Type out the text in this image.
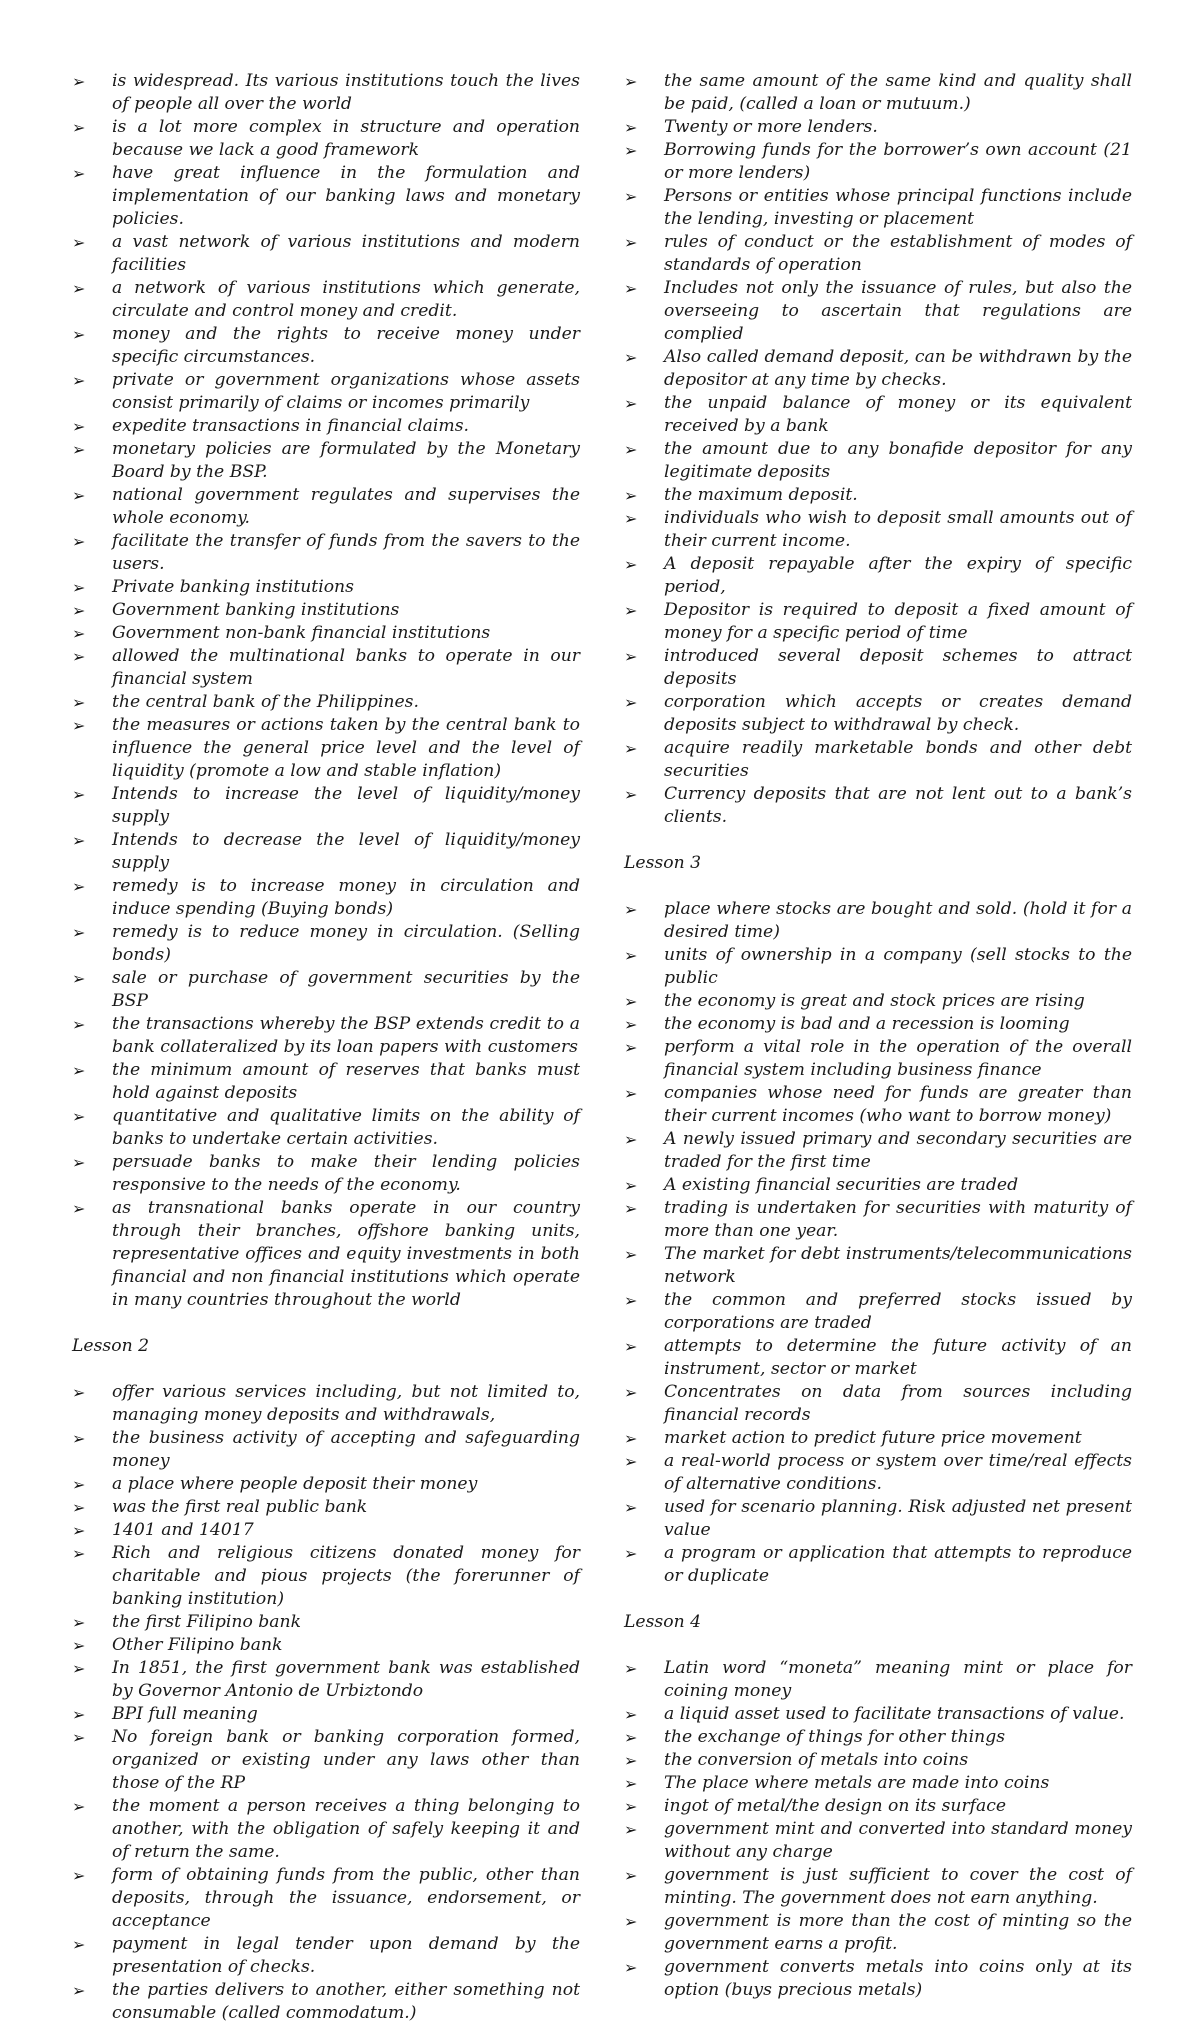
➢ is widespread. Its various institutions touch the lives of people all over the world
➢ is a lot more complex in structure and operation because we lack a good framework
➢ have great influence in the formulation and implementation of our banking laws and monetary policies.
➢ a vast network of various institutions and modern facilities
➢ a network of various institutions which generate, circulate and control money and credit.
➢ money and the rights to receive money under specific circumstances.
➢ private or government organizations whose assets consist primarily of claims or incomes primarily
➢ expedite transactions in financial claims.
➢ monetary policies are formulated by the Monetary Board by the BSP.
➢ national government regulates and supervises the whole economy.
➢ facilitate the transfer of funds from the savers to the users.
➢ Private banking institutions
➢ Government banking institutions
➢ Government non-bank financial institutions
➢ allowed the multinational banks to operate in our financial system
➢ the central bank of the Philippines.
➢ the measures or actions taken by the central bank to influence the general price level and the level of liquidity (promote a low and stable inflation)
➢ Intends to increase the level of liquidity/money supply
➢ Intends to decrease the level of liquidity/money supply
➢ remedy is to increase money in circulation and induce spending (Buying bonds)
➢ remedy is to reduce money in circulation. (Selling bonds)
➢ sale or purchase of government securities by the BSP
➢ the transactions whereby the BSP extends credit to a bank collateralized by its loan papers with customers
➢ the minimum amount of reserves that banks must hold against deposits
➢ quantitative and qualitative limits on the ability of banks to undertake certain activities.
➢ persuade banks to make their lending policies responsive to the needs of the economy.
➢ as transnational banks operate in our country through their branches, offshore banking units, representative offices and equity investments in both financial and non financial institutions which operate in many countries throughout the world

Lesson 2

➢ offer various services including, but not limited to, managing money deposits and withdrawals,
➢ the business activity of accepting and safeguarding money
➢ a place where people deposit their money
➢ was the first real public bank
➢ 1401 and 14017
➢ Rich and religious citizens donated money for charitable and pious projects (the forerunner of banking institution)
➢ the first Filipino bank
➢ Other Filipino bank
➢ In 1851, the first government bank was established by Governor Antonio de Urbiztondo
➢ BPI full meaning
➢ No foreign bank or banking corporation formed, organized or existing under any laws other than those of the RP
➢ the moment a person receives a thing belonging to another, with the obligation of safely keeping it and of return the same.
➢ form of obtaining funds from the public, other than deposits, through the issuance, endorsement, or acceptance
➢ payment in legal tender upon demand by the presentation of checks.
➢ the parties delivers to another, either something not consumable (called commodatum.)
➢ the same amount of the same kind and quality shall be paid, (called a loan or mutuum.)
➢ Twenty or more lenders.
➢ Borrowing funds for the borrower’s own account (21 or more lenders)
➢ Persons or entities whose principal functions include the lending, investing or placement
➢ rules of conduct or the establishment of modes of standards of operation
➢ Includes not only the issuance of rules, but also the overseeing to ascertain that regulations are complied
➢ Also called demand deposit, can be withdrawn by the depositor at any time by checks.
➢ the unpaid balance of money or its equivalent received by a bank
➢ the amount due to any bonafide depositor for any legitimate deposits
➢ the maximum deposit.
➢ individuals who wish to deposit small amounts out of their current income.
➢ A deposit repayable after the expiry of specific period,
➢ Depositor is required to deposit a fixed amount of money for a specific period of time
➢ introduced several deposit schemes to attract deposits
➢ corporation which accepts or creates demand deposits subject to withdrawal by check.
➢ acquire readily marketable bonds and other debt securities
➢ Currency deposits that are not lent out to a bank’s clients.

Lesson 3

➢ place where stocks are bought and sold. (hold it for a desired time)
➢ units of ownership in a company (sell stocks to the public
➢ the economy is great and stock prices are rising
➢ the economy is bad and a recession is looming
➢ perform a vital role in the operation of the overall financial system including business finance
➢ companies whose need for funds are greater than their current incomes (who want to borrow money)
➢ A newly issued primary and secondary securities are traded for the first time
➢ A existing financial securities are traded
➢ trading is undertaken for securities with maturity of more than one year.
➢ The market for debt instruments/telecommunications network
➢ the common and preferred stocks issued by corporations are traded
➢ attempts to determine the future activity of an instrument, sector or market
➢ Concentrates on data from sources including financial records
➢ market action to predict future price movement
➢ a real-world process or system over time/real effects of alternative conditions.
➢ used for scenario planning. Risk adjusted net present value
➢ a program or application that attempts to reproduce or duplicate

Lesson 4

➢ Latin word “moneta” meaning mint or place for coining money
➢ a liquid asset used to facilitate transactions of value.
➢ the exchange of things for other things
➢ the conversion of metals into coins
➢ The place where metals are made into coins
➢ ingot of metal/the design on its surface
➢ government mint and converted into standard money without any charge
➢ government is just sufficient to cover the cost of minting. The government does not earn anything.
➢ government is more than the cost of minting so the government earns a profit.
➢ government converts metals into coins only at its option (buys precious metals)
